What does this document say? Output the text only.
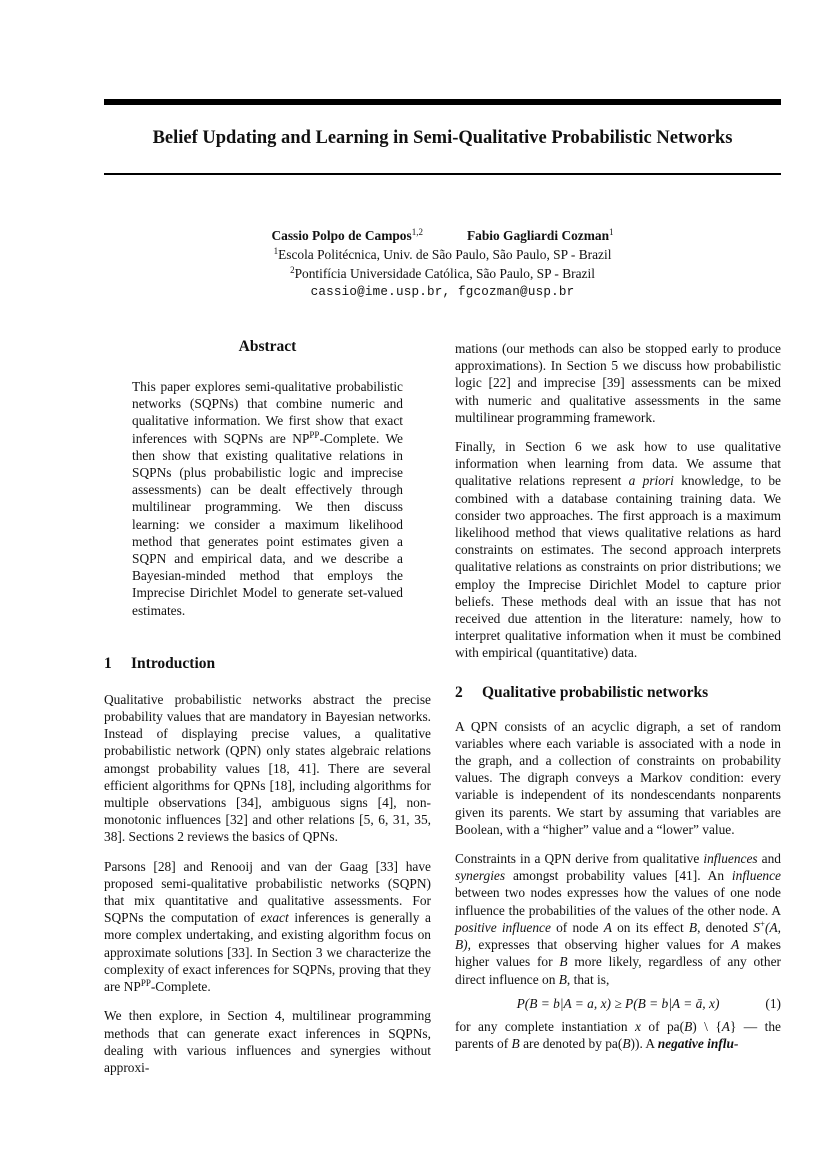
Belief Updating and Learning in Semi-Qualitative Probabilistic Networks
Cassio Polpo de Campos$^{1,2}$	Fabio Gagliardi Cozman$^1$
$^1$Escola Politécnica, Univ. de São Paulo, São Paulo, SP - Brazil
$^2$Pontifícia Universidade Católica, São Paulo, SP - Brazil
cassio@ime.usp.br, fgcozman@usp.br
Abstract

This paper explores semi-qualitative probabilistic networks (SQPNs) that combine numeric and qualitative information. We first show that exact inferences with SQPNs are $NP^{PP}$-Complete. We then show that existing qualitative relations in SQPNs (plus probabilistic logic and imprecise assessments) can be dealt effectively through multilinear programming. We then discuss learning: we consider a maximum likelihood method that generates point estimates given a SQPN and empirical data, and we describe a Bayesian-minded method that employs the Imprecise Dirichlet Model to generate set-valued estimates.

1 Introduction

Qualitative probabilistic networks abstract the precise probability values that are mandatory in Bayesian networks. Instead of displaying precise values, a qualitative probabilistic network (QPN) only states algebraic relations amongst probability values [18, 41]. There are several efficient algorithms for QPNs [18], including algorithms for multiple observations [34], ambiguous signs [4], non-monotonic influences [32] and other relations [5, 6, 31, 35, 38]. Sections 2 reviews the basics of QPNs.

Parsons [28] and Renooij and van der Gaag [33] have proposed semi-qualitative probabilistic networks (SQPN) that mix quantitative and qualitative assessments. For SQPNs the computation of exact inferences is generally a more complex undertaking, and existing algorithm focus on approximate solutions [33]. In Section 3 we characterize the complexity of exact inferences for SQPNs, proving that they are $NP^{PP}$-Complete.

We then explore, in Section 4, multilinear programming methods that can generate exact inferences in SQPNs, dealing with various influences and synergies without approxi-

mations (our methods can also be stopped early to produce approximations). In Section 5 we discuss how probabilistic logic [22] and imprecise [39] assessments can be mixed with numeric and qualitative assessments in the same multilinear programming framework.

Finally, in Section 6 we ask how to use qualitative information when learning from data. We assume that qualitative relations represent a priori knowledge, to be combined with a database containing training data. We consider two approaches. The first approach is a maximum likelihood method that views qualitative relations as hard constraints on estimates. The second approach interprets qualitative relations as constraints on prior distributions; we employ the Imprecise Dirichlet Model to capture prior beliefs. These methods deal with an issue that has not received due attention in the literature: namely, how to interpret qualitative information when it must be combined with empirical (quantitative) data.

2 Qualitative probabilistic networks

A QPN consists of an acyclic digraph, a set of random variables where each variable is associated with a node in the graph, and a collection of constraints on probability values. The digraph conveys a Markov condition: every variable is independent of its nondescendants nonparents given its parents. We start by assuming that variables are Boolean, with a “higher” value and a “lower” value.

Constraints in a QPN derive from qualitative influences and synergies amongst probability values [41]. An influence between two nodes expresses how the values of one node influence the probabilities of the values of the other node. A positive influence of node A on its effect B, denoted S+(A, B), expresses that observing higher values for A makes higher values for B more likely, regardless of any other direct influence on B, that is,

P(B = b|A = a, x) ≥ P(B = b|A = ā, x)	(1)

for any complete instantiation x of pa(B) \ {A} — the parents of B are denoted by pa(B)). A negative influ-
